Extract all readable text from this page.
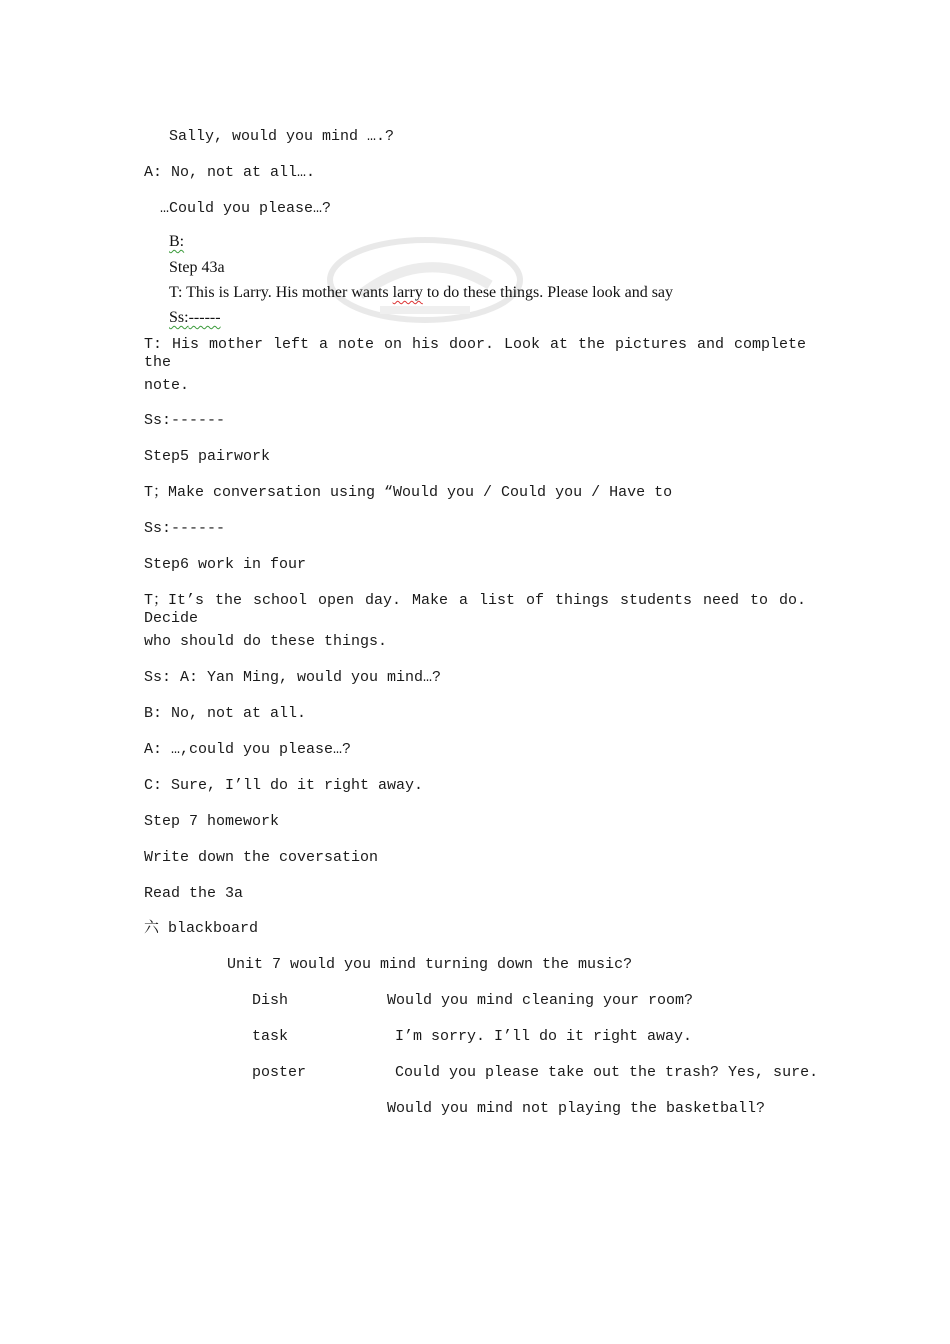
Sally, would you mind ….?
A: No, not at all….
…Could you please…?
B:
Step 43a
T: This is Larry. His mother wants larry to do these things. Please look and say
Ss:------
T: His mother left a note on his door. Look at the pictures and complete the
note.
Ss:------
Step5 pairwork
T；Make conversation using “Would you / Could you / Have to
Ss:------
Step6 work in four
T；It’s the school open day. Make a list of things students need to do. Decide
who should do these things.
Ss: A: Yan Ming, would you mind…?
B: No, not at all.
A: …,could you please…?
C: Sure, I’ll do it right away.
Step 7 homework
Write down the coversation
Read the 3a
六 blackboard
Unit 7 would you mind turning down the music?
Dish
task
poster
Would you mind cleaning your room?
I’m sorry. I’ll do it right away.
Could you please take out the trash? Yes, sure.
Would you mind not playing the basketball?
